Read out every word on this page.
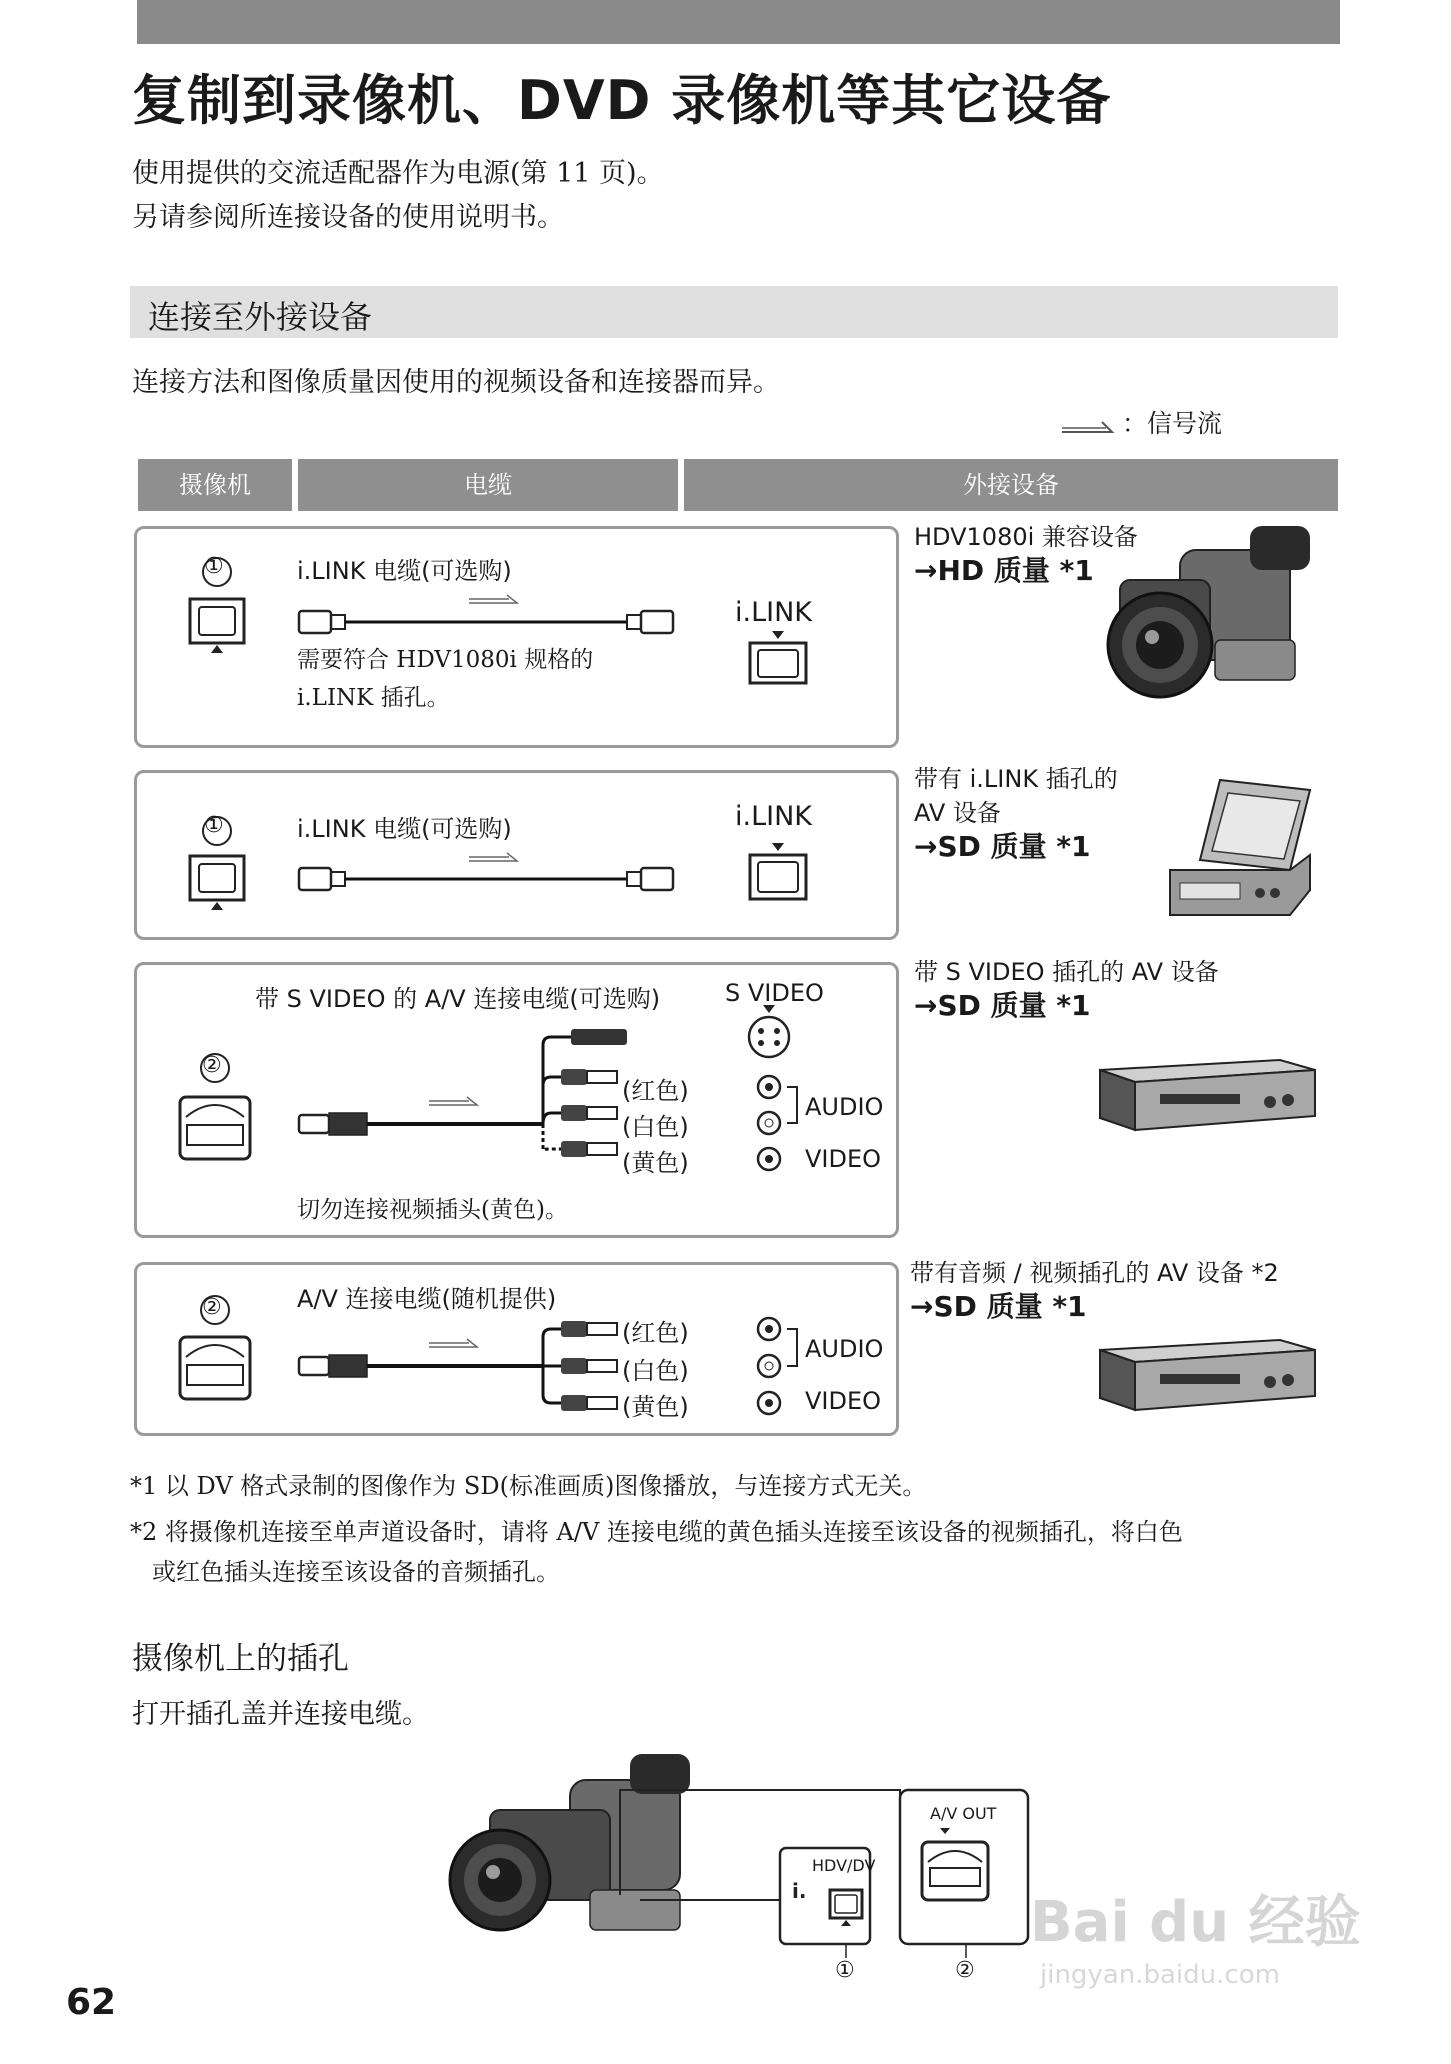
复制到录像机、DVD 录像机等其它设备
使用提供的交流适配器作为电源(第 11 页)。
另请参阅所连接设备的使用说明书。
连接至外接设备
连接方法和图像质量因使用的视频设备和连接器而异。
：信号流
摄像机	电缆	外接设备
①	i.LINK 电缆(可选购)
需要符合 HDV1080i 规格的
i.LINK 插孔。
i.LINK
HDV1080i 兼容设备
→HD 质量 *1
①	i.LINK 电缆(可选购)	i.LINK
带有 i.LINK 插孔的
AV 设备
→SD 质量 *1
②
带 S VIDEO 的 A/V 连接电缆(可选购)	S VIDEO
(红色)
(白色)
(黄色)
AUDIO
VIDEO
切勿连接视频插头(黄色)。
带 S VIDEO 插孔的 AV 设备
→SD 质量 *1
②	A/V 连接电缆(随机提供)
(红色)
(白色)
(黄色)
AUDIO
VIDEO
带有音频 / 视频插孔的 AV 设备 *2
→SD 质量 *1
*1 以 DV 格式录制的图像作为 SD(标准画质)图像播放，与连接方式无关。
*2 将摄像机连接至单声道设备时，请将 A/V 连接电缆的黄色插头连接至该设备的视频插孔，将白色
或红色插头连接至该设备的音频插孔。
摄像机上的插孔
打开插孔盖并连接电缆。
i.
HDV/DV
A/V OUT
①	②
62
Bai du 经验
jingyan.baidu.com
